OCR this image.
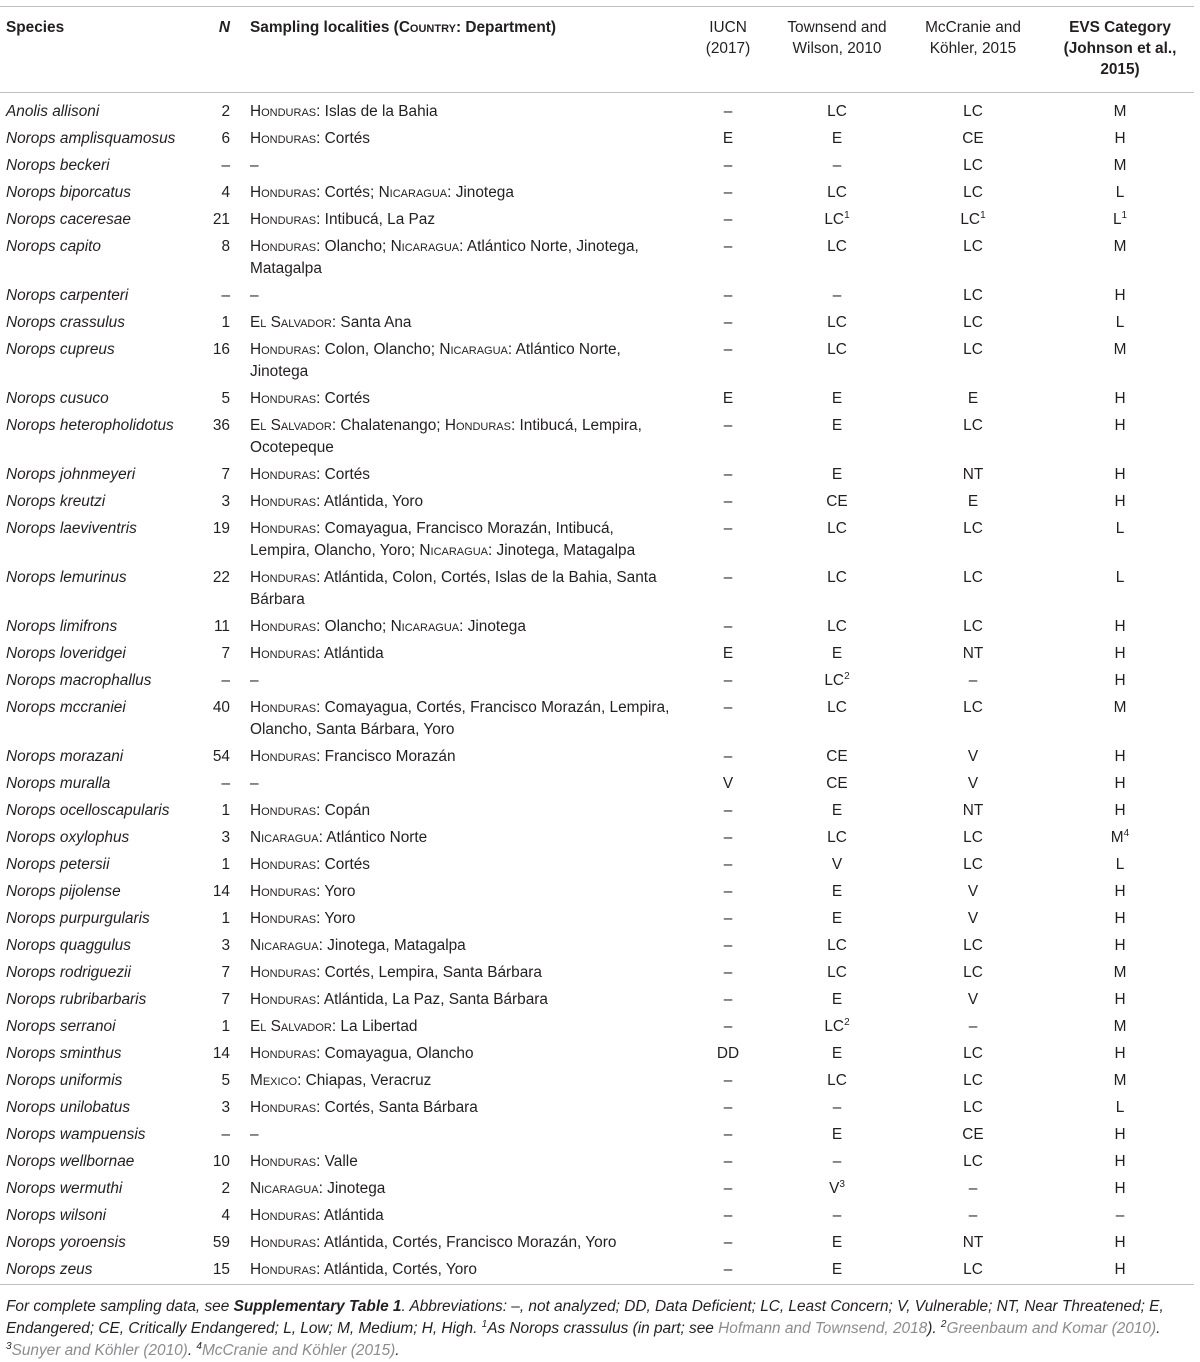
Species	N	Sampling localities (Country: Department)	IUCN (2017)	Townsend and Wilson, 2010	McCranie and Köhler, 2015	EVS Category (Johnson et al., 2015)
Anolis allisoni	2	Honduras: Islas de la Bahia	–	LC	LC	M
Norops amplisquamosus	6	Honduras: Cortés	E	E	CE	H
Norops beckeri	–	–	–	–	LC	M
Norops biporcatus	4	Honduras: Cortés; Nicaragua: Jinotega	–	LC	LC	L
Norops caceresae	21	Honduras: Intibucá, La Paz	–	$LC^1$	$LC^1$	$L^1$
Norops capito	8	Honduras: Olancho; Nicaragua: Atlántico Norte, Jinotega, Matagalpa	–	LC	LC	M
Norops carpenteri	–	–	–	–	LC	H
Norops crassulus	1	El Salvador: Santa Ana	–	LC	LC	L
Norops cupreus	16	Honduras: Colon, Olancho; Nicaragua: Atlántico Norte, Jinotega	–	LC	LC	M
Norops cusuco	5	Honduras: Cortés	E	E	E	H
Norops heteropholidotus	36	El Salvador: Chalatenango; Honduras: Intibucá, Lempira, Ocotepeque	–	E	LC	H
Norops johnmeyeri	7	Honduras: Cortés	–	E	NT	H
Norops kreutzi	3	Honduras: Atlántida, Yoro	–	CE	E	H
Norops laeviventris	19	Honduras: Comayagua, Francisco Morazán, Intibucá, Lempira, Olancho, Yoro; Nicaragua: Jinotega, Matagalpa	–	LC	LC	L
Norops lemurinus	22	Honduras: Atlántida, Colon, Cortés, Islas de la Bahia, Santa Bárbara	–	LC	LC	L
Norops limifrons	11	Honduras: Olancho; Nicaragua: Jinotega	–	LC	LC	H
Norops loveridgei	7	Honduras: Atlántida	E	E	NT	H
Norops macrophallus	–	–	–	$LC^2$	–	H
Norops mccraniei	40	Honduras: Comayagua, Cortés, Francisco Morazán, Lempira, Olancho, Santa Bárbara, Yoro	–	LC	LC	M
Norops morazani	54	Honduras: Francisco Morazán	–	CE	V	H
Norops muralla	–	–	V	CE	V	H
Norops ocelloscapularis	1	Honduras: Copán	–	E	NT	H
Norops oxylophus	3	Nicaragua: Atlántico Norte	–	LC	LC	$M^4$
Norops petersii	1	Honduras: Cortés	–	V	LC	L
Norops pijolense	14	Honduras: Yoro	–	E	V	H
Norops purpurgularis	1	Honduras: Yoro	–	E	V	H
Norops quaggulus	3	Nicaragua: Jinotega, Matagalpa	–	LC	LC	H
Norops rodriguezii	7	Honduras: Cortés, Lempira, Santa Bárbara	–	LC	LC	M
Norops rubribarbaris	7	Honduras: Atlántida, La Paz, Santa Bárbara	–	E	V	H
Norops serranoi	1	El Salvador: La Libertad	–	$LC^2$	–	M
Norops sminthus	14	Honduras: Comayagua, Olancho	DD	E	LC	H
Norops uniformis	5	Mexico: Chiapas, Veracruz	–	LC	LC	M
Norops unilobatus	3	Honduras: Cortés, Santa Bárbara	–	–	LC	L
Norops wampuensis	–	–	–	E	CE	H
Norops wellbornae	10	Honduras: Valle	–	–	LC	H
Norops wermuthi	2	Nicaragua: Jinotega	–	$V^3$	–	H
Norops wilsoni	4	Honduras: Atlántida	–	–	–	–
Norops yoroensis	59	Honduras: Atlántida, Cortés, Francisco Morazán, Yoro	–	E	NT	H
Norops zeus	15	Honduras: Atlántida, Cortés, Yoro	–	E	LC	H
For complete sampling data, see Supplementary Table 1. Abbreviations: –, not analyzed; DD, Data Deficient; LC, Least Concern; V, Vulnerable; NT, Near Threatened; E, Endangered; CE, Critically Endangered; L, Low; M, Medium; H, High. $^1$As Norops crassulus (in part; see Hofmann and Townsend, 2018). $^2$Greenbaum and Komar (2010). $^3$Sunyer and Köhler (2010). $^4$McCranie and Köhler (2015).
